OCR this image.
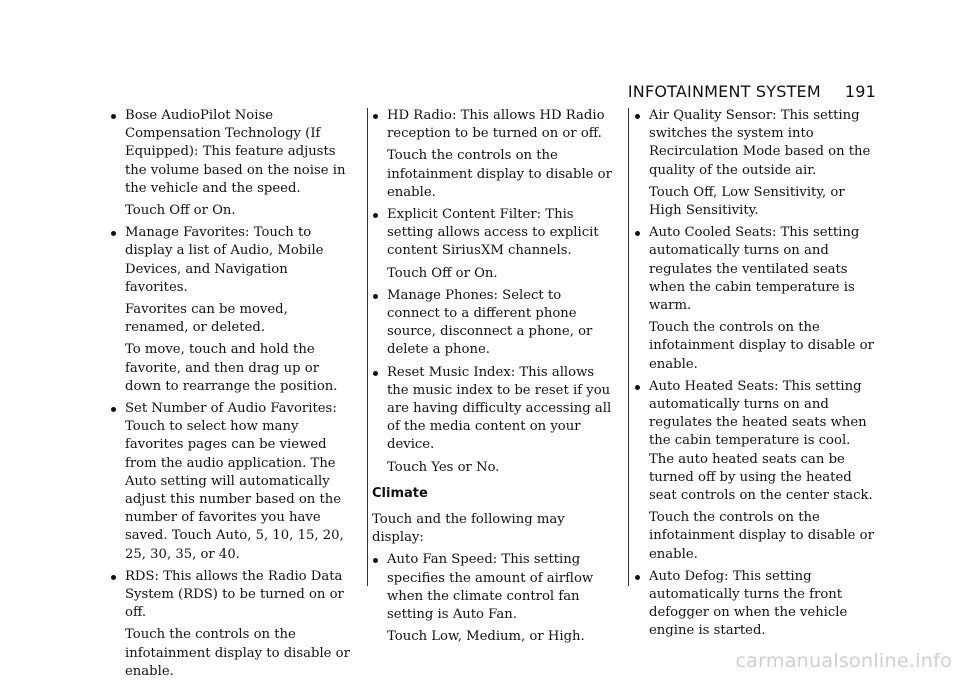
INFOTAINMENT SYSTEM 191

Bose AudioPilot Noise Compensation Technology (If Equipped): This feature adjusts the volume based on the noise in the vehicle and the speed.

Touch Off or On.

Manage Favorites: Touch to display a list of Audio, Mobile Devices, and Navigation favorites.

Favorites can be moved, renamed, or deleted.

To move, touch and hold the favorite, and then drag up or down to rearrange the position.

Set Number of Audio Favorites: Touch to select how many favorites pages can be viewed from the audio application. The Auto setting will automatically adjust this number based on the number of favorites you have saved. Touch Auto, 5, 10, 15, 20, 25, 30, 35, or 40.

RDS: This allows the Radio Data System (RDS) to be turned on or off.

Touch the controls on the infotainment display to disable or enable.

HD Radio: This allows HD Radio reception to be turned on or off.

Touch the controls on the infotainment display to disable or enable.

Explicit Content Filter: This setting allows access to explicit content SiriusXM channels.

Touch Off or On.

Manage Phones: Select to connect to a different phone source, disconnect a phone, or delete a phone.

Reset Music Index: This allows the music index to be reset if you are having difficulty accessing all of the media content on your device.

Touch Yes or No.

Climate

Touch and the following may display:

Auto Fan Speed: This setting specifies the amount of airflow when the climate control fan setting is Auto Fan.

Touch Low, Medium, or High.

Air Quality Sensor: This setting switches the system into Recirculation Mode based on the quality of the outside air.

Touch Off, Low Sensitivity, or High Sensitivity.

Auto Cooled Seats: This setting automatically turns on and regulates the ventilated seats when the cabin temperature is warm.

Touch the controls on the infotainment display to disable or enable.

Auto Heated Seats: This setting automatically turns on and regulates the heated seats when the cabin temperature is cool. The auto heated seats can be turned off by using the heated seat controls on the center stack.

Touch the controls on the infotainment display to disable or enable.

Auto Defog: This setting automatically turns the front defogger on when the vehicle engine is started.

carmanualsonline.info
